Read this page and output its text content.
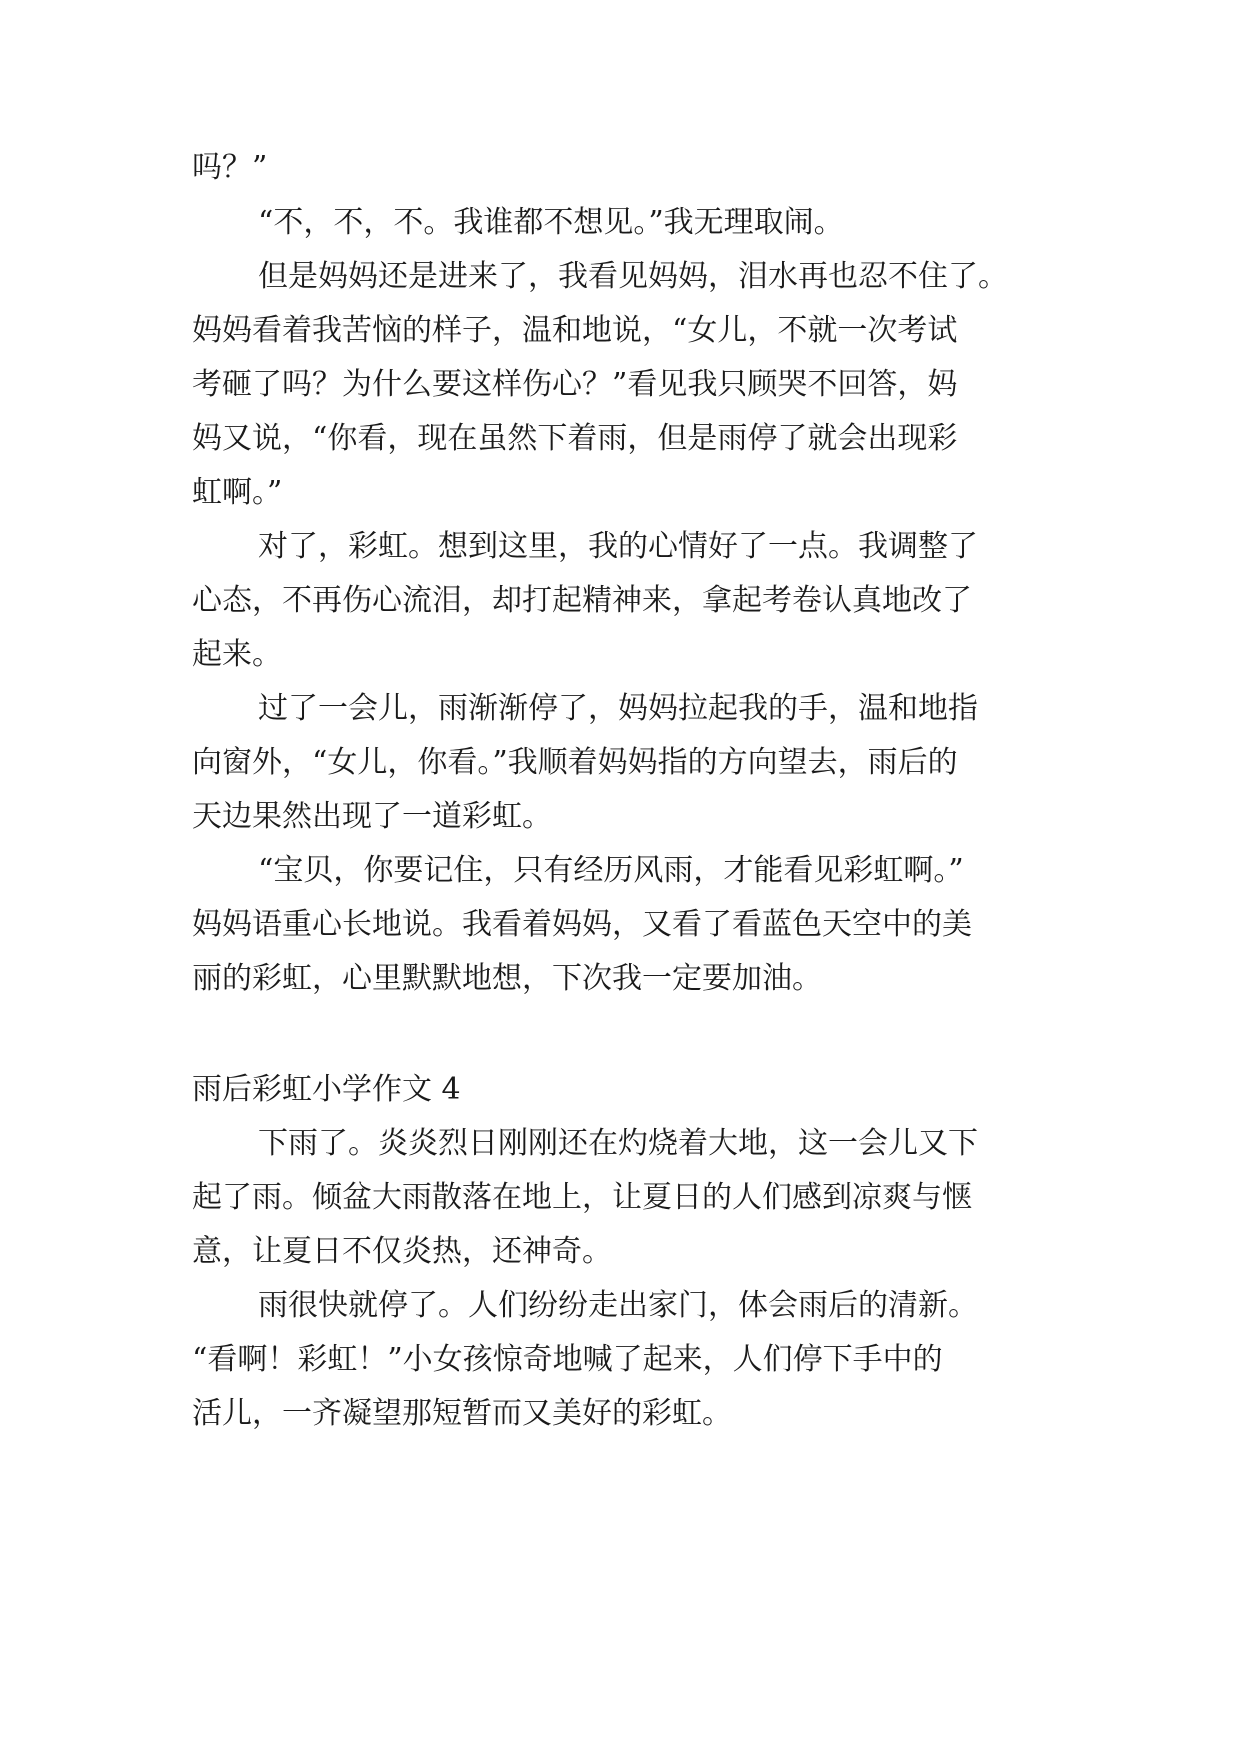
吗？”
“不，不，不。我谁都不想见。”我无理取闹。
但是妈妈还是进来了，我看见妈妈，泪水再也忍不住了。
妈妈看着我苦恼的样子，温和地说，“女儿，不就一次考试
考砸了吗？为什么要这样伤心？”看见我只顾哭不回答，妈
妈又说，“你看，现在虽然下着雨，但是雨停了就会出现彩
虹啊。”
对了，彩虹。想到这里，我的心情好了一点。我调整了
心态，不再伤心流泪，却打起精神来，拿起考卷认真地改了
起来。
过了一会儿，雨渐渐停了，妈妈拉起我的手，温和地指
向窗外，“女儿，你看。”我顺着妈妈指的方向望去，雨后的
天边果然出现了一道彩虹。
“宝贝，你要记住，只有经历风雨，才能看见彩虹啊。”
妈妈语重心长地说。我看着妈妈，又看了看蓝色天空中的美
丽的彩虹，心里默默地想，下次我一定要加油。
雨后彩虹小学作文 4
下雨了。炎炎烈日刚刚还在灼烧着大地，这一会儿又下
起了雨。倾盆大雨散落在地上，让夏日的人们感到凉爽与惬
意，让夏日不仅炎热，还神奇。
雨很快就停了。人们纷纷走出家门，体会雨后的清新。
“看啊！彩虹！”小女孩惊奇地喊了起来，人们停下手中的
活儿，一齐凝望那短暂而又美好的彩虹。
